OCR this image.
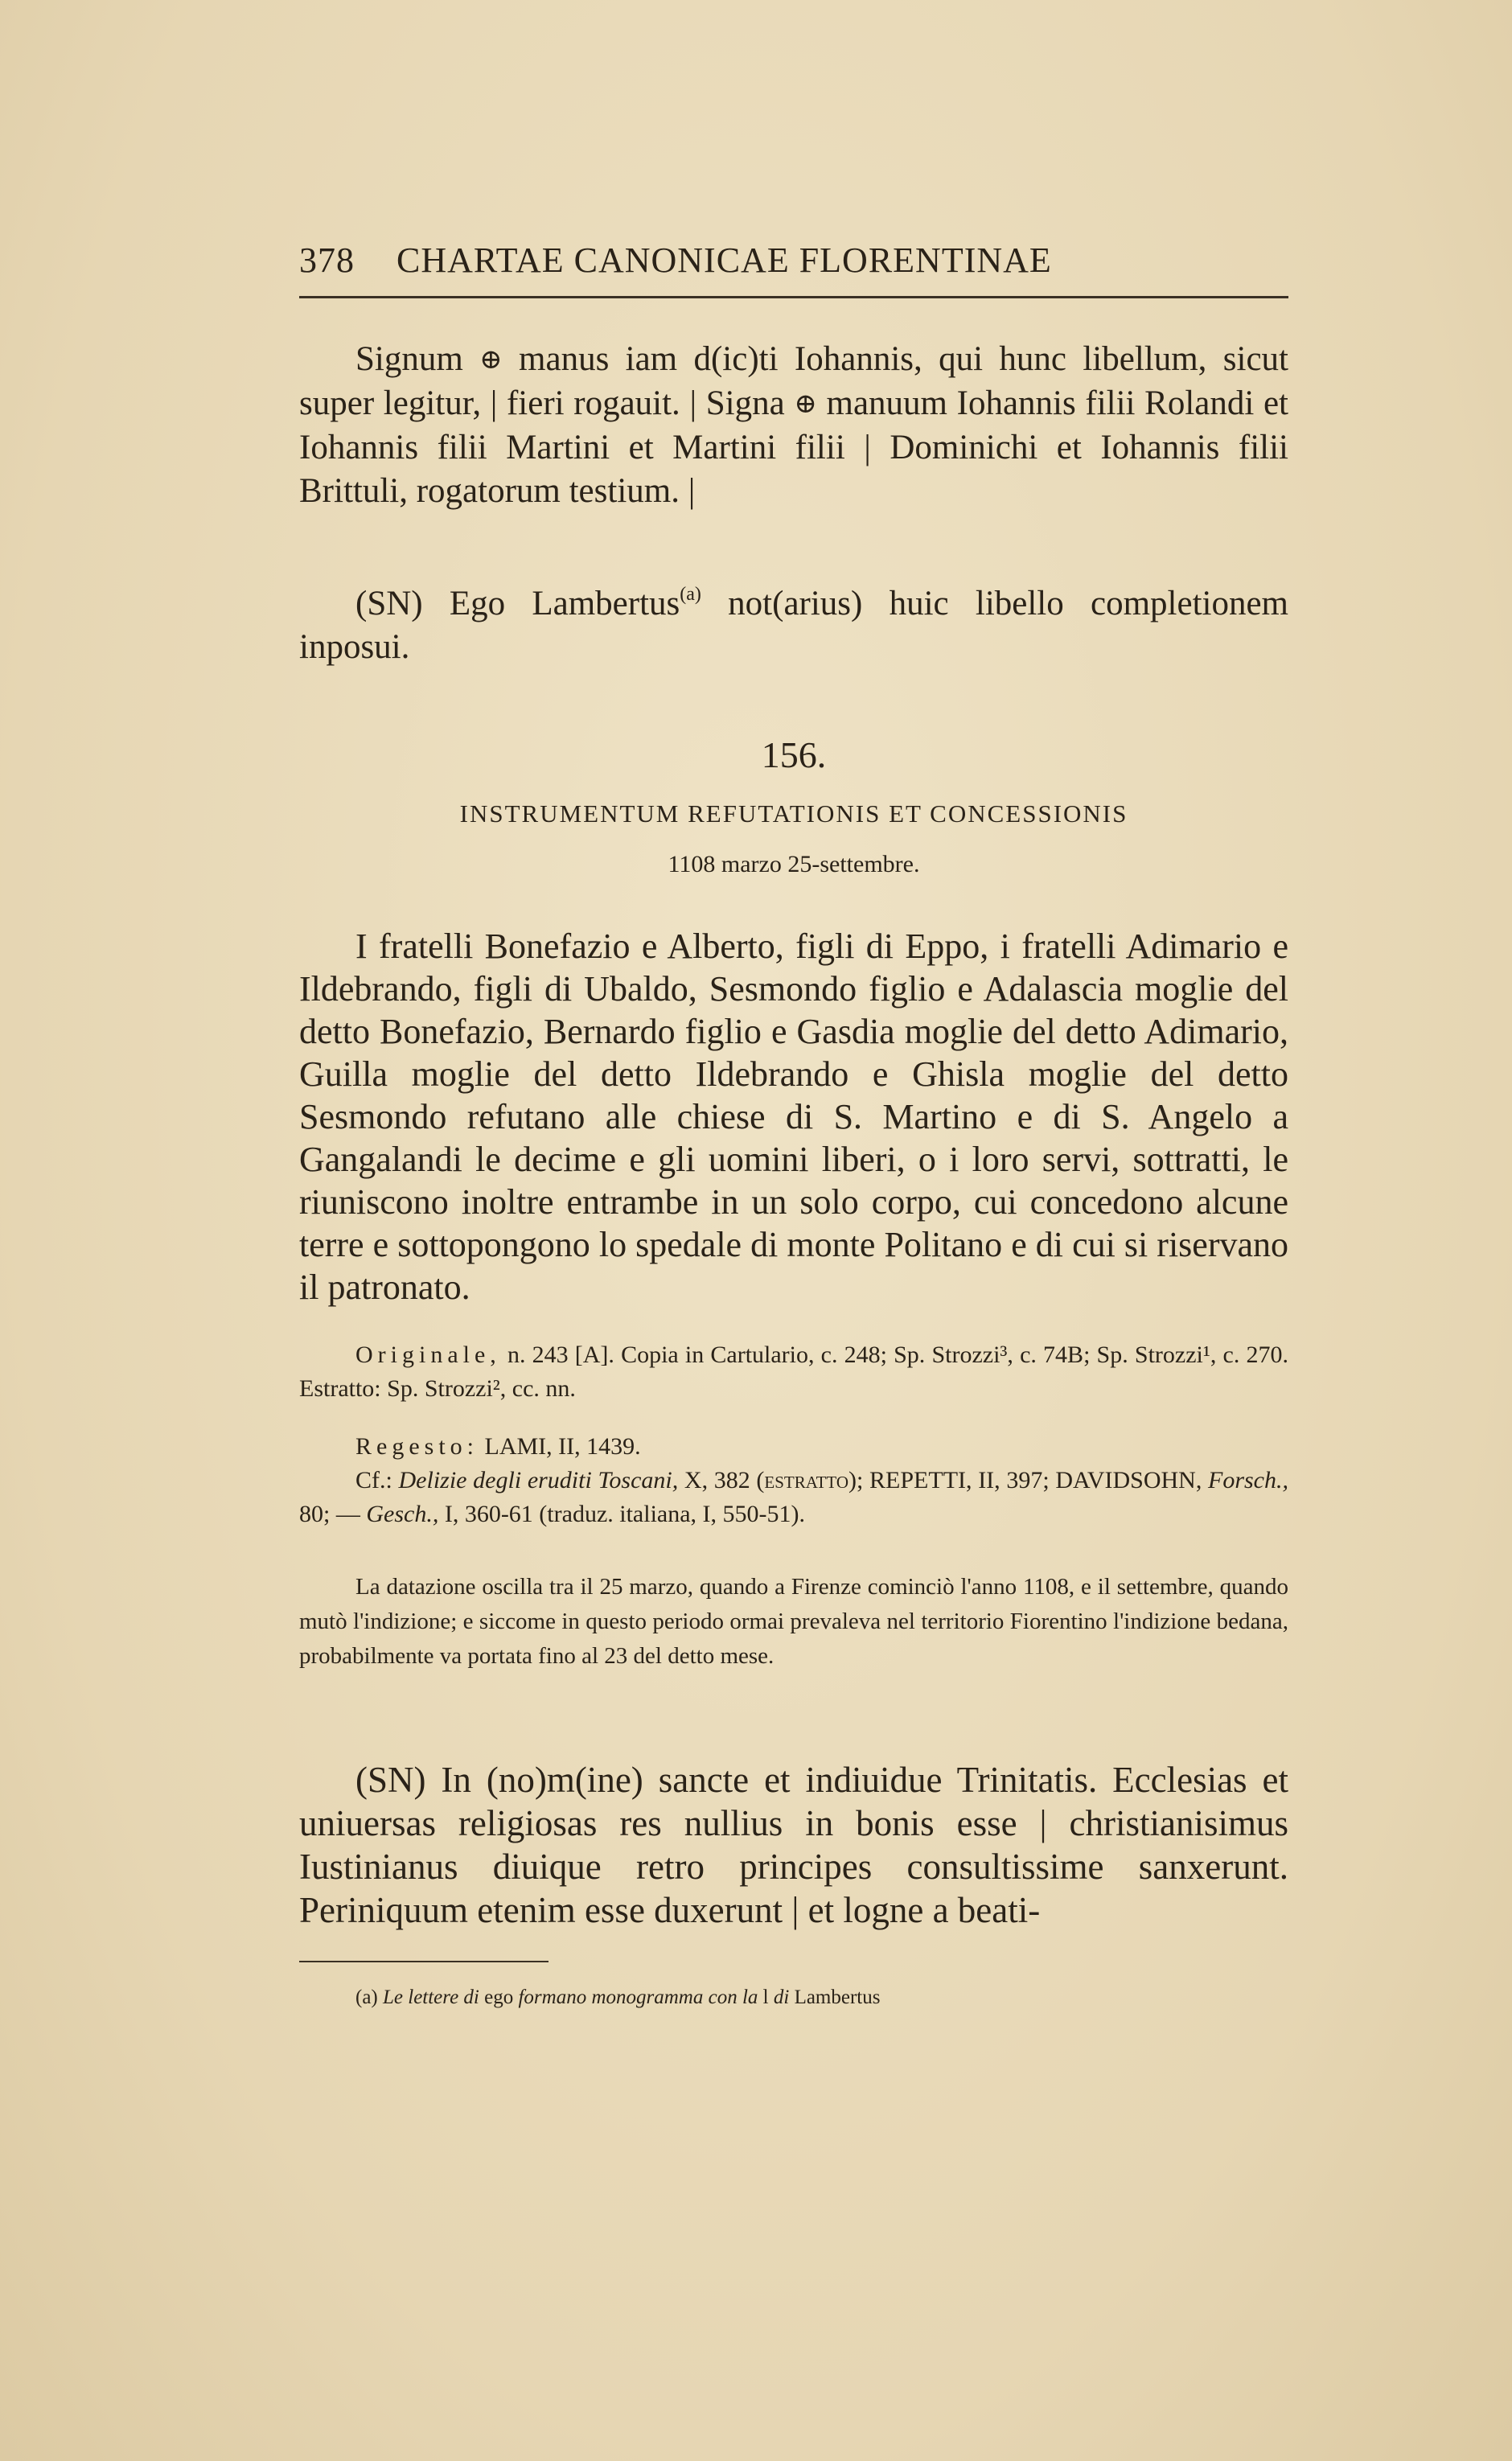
378 CHARTAE CANONICAE FLORENTINAE
Signum ⊕ manus iam d(ic)ti Iohannis, qui hunc libellum, sicut super legitur, | fieri rogauit. | Signa ⊕ manuum Iohannis filii Rolandi et Iohannis filii Martini et Martini filii | Dominichi et Iohannis filii Brittuli, rogatorum testium. |
(SN) Ego Lambertus$^{(a)}$ not(arius) huic libello completionem inposui.
156.
INSTRUMENTUM REFUTATIONIS ET CONCESSIONIS
1108 marzo 25-settembre.
I fratelli Bonefazio e Alberto, figli di Eppo, i fratelli Adimario e Ildebrando, figli di Ubaldo, Sesmondo figlio e Adalascia moglie del detto Bonefazio, Bernardo figlio e Gasdia moglie del detto Adimario, Guilla moglie del detto Ildebrando e Ghisla moglie del detto Sesmondo refutano alle chiese di S. Martino e di S. Angelo a Gangalandi le decime e gli uomini liberi, o i loro servi, sottratti, le riuniscono inoltre entrambe in un solo corpo, cui concedono alcune terre e sottopongono lo spedale di monte Politano e di cui si riservano il patronato.
Originale, n. 243 [A]. Copia in Cartulario, c. 248; Sp. Strozzi³, c. 74B; Sp. Strozzi¹, c. 270. Estratto: Sp. Strozzi², cc. nn.
Regesto: LAMI, II, 1439.
Cf.: Delizie degli eruditi Toscani, X, 382 (estratto); REPETTI, II, 397; DAVIDSOHN, Forsch., 80; — Gesch., I, 360-61 (traduz. italiana, I, 550-51).
La datazione oscilla tra il 25 marzo, quando a Firenze cominciò l'anno 1108, e il settembre, quando mutò l'indizione; e siccome in questo periodo ormai prevaleva nel territorio Fiorentino l'indizione bedana, probabilmente va portata fino al 23 del detto mese.
(SN) In (no)m(ine) sancte et indiuidue Trinitatis. Ecclesias et uniuersas religiosas res nullius in bonis esse | christianisimus Iustinianus diuique retro principes consultissime sanxerunt. Periniquum etenim esse duxerunt | et logne a beati-
(a) Le lettere di ego formano monogramma con la l di Lambertus
